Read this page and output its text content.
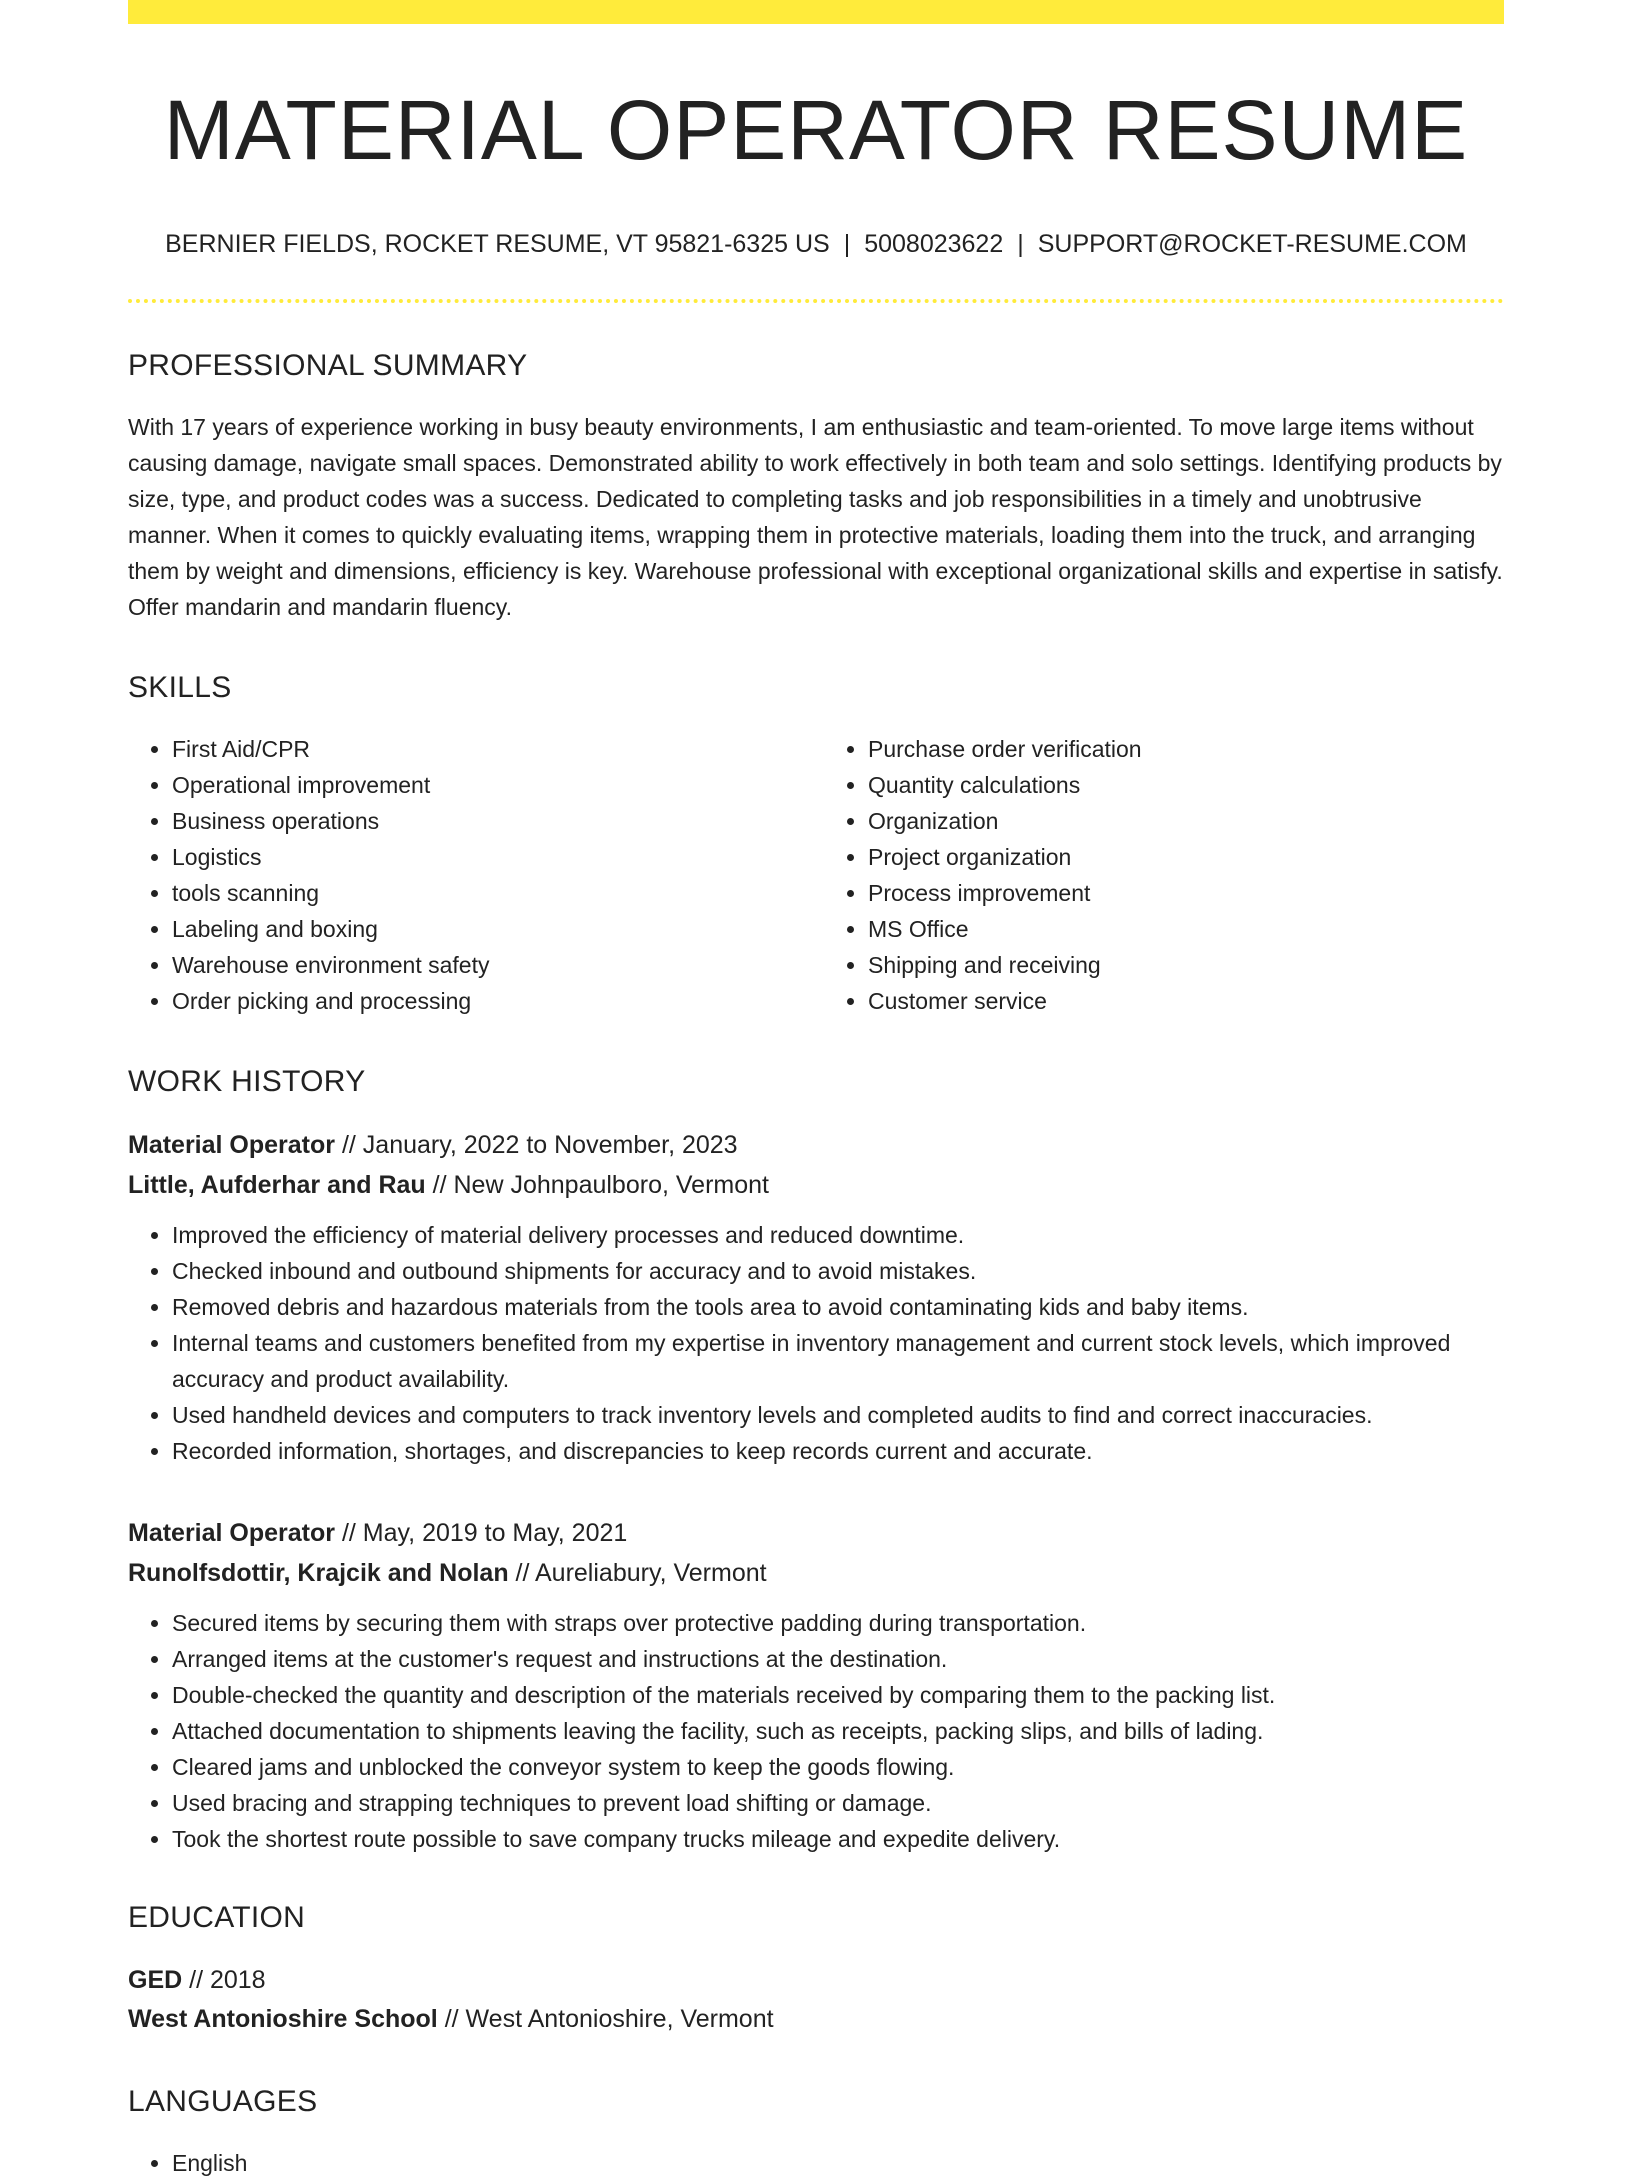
MATERIAL OPERATOR RESUME
BERNIER FIELDS, ROCKET RESUME, VT 95821-6325 US | 5008023622 | SUPPORT@ROCKET-RESUME.COM
PROFESSIONAL SUMMARY

With 17 years of experience working in busy beauty environments, I am enthusiastic and team-oriented. To move large items without causing damage, navigate small spaces. Demonstrated ability to work effectively in both team and solo settings. Identifying products by size, type, and product codes was a success. Dedicated to completing tasks and job responsibilities in a timely and unobtrusive manner. When it comes to quickly evaluating items, wrapping them in protective materials, loading them into the truck, and arranging them by weight and dimensions, efficiency is key. Warehouse professional with exceptional organizational skills and expertise in satisfy. Offer mandarin and mandarin fluency.

SKILLS
• First Aid/CPR
• Operational improvement
• Business operations
• Logistics
• tools scanning
• Labeling and boxing
• Warehouse environment safety
• Order picking and processing
• Purchase order verification
• Quantity calculations
• Organization
• Project organization
• Process improvement
• MS Office
• Shipping and receiving
• Customer service
WORK HISTORY
Material Operator // January, 2022 to November, 2023
Little, Aufderhar and Rau // New Johnpaulboro, Vermont
• Improved the efficiency of material delivery processes and reduced downtime.
• Checked inbound and outbound shipments for accuracy and to avoid mistakes.
• Removed debris and hazardous materials from the tools area to avoid contaminating kids and baby items.
• Internal teams and customers benefited from my expertise in inventory management and current stock levels, which improved accuracy and product availability.
• Used handheld devices and computers to track inventory levels and completed audits to find and correct inaccuracies.
• Recorded information, shortages, and discrepancies to keep records current and accurate.
Material Operator // May, 2019 to May, 2021
Runolfsdottir, Krajcik and Nolan // Aureliabury, Vermont
• Secured items by securing them with straps over protective padding during transportation.
• Arranged items at the customer's request and instructions at the destination.
• Double-checked the quantity and description of the materials received by comparing them to the packing list.
• Attached documentation to shipments leaving the facility, such as receipts, packing slips, and bills of lading.
• Cleared jams and unblocked the conveyor system to keep the goods flowing.
• Used bracing and strapping techniques to prevent load shifting or damage.
• Took the shortest route possible to save company trucks mileage and expedite delivery.
EDUCATION
GED // 2018
West Antonioshire School // West Antonioshire, Vermont
LANGUAGES
• English
